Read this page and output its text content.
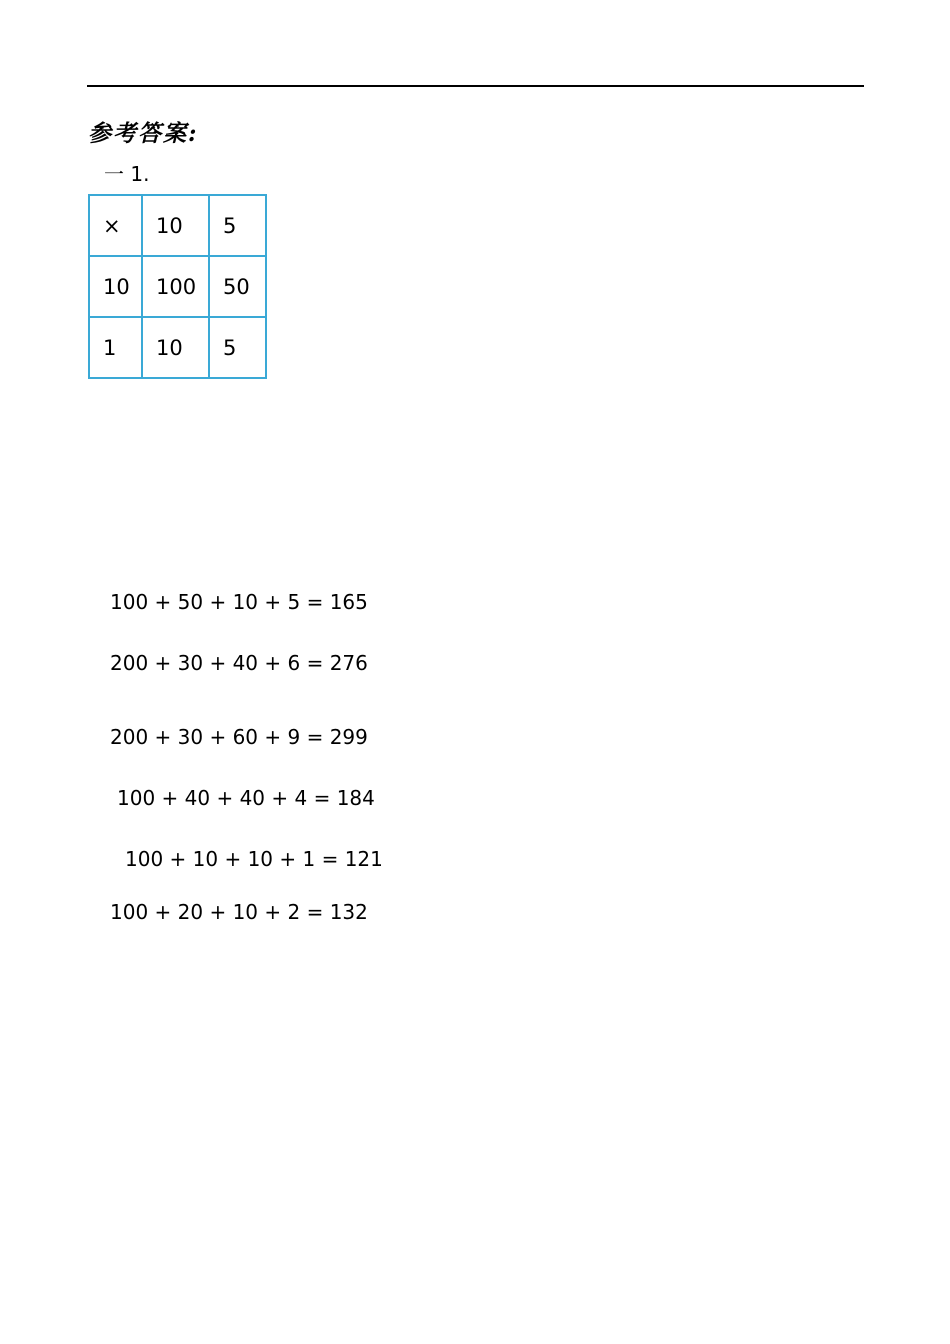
参考答案:
一 1.
×	10	5
10	100	50
1	10	5
100 + 50 + 10 + 5 = 165
200 + 30 + 40 + 6 = 276
200 + 30 + 60 + 9 = 299
100 + 40 + 40 + 4 = 184
100 + 10 + 10 + 1 = 121
100 + 20 + 10 + 2 = 132
